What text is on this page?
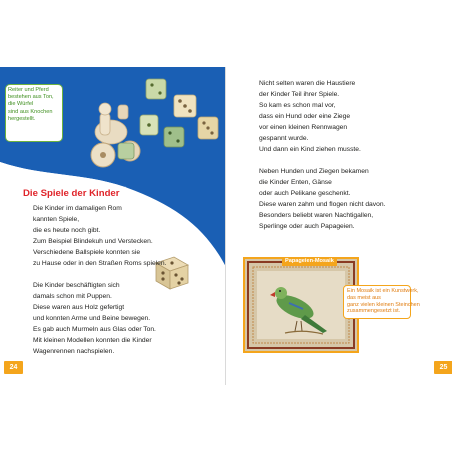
Reiter und Pferd
bestehen aus Ton,
die Würfel
sind aus Knochen
hergestellt.
Die Spiele der Kinder
Die Kinder im damaligen Rom
kannten Spiele,
die es heute noch gibt.
Zum Beispiel Blindekuh und Verstecken.
Verschiedene Ballspiele konnten sie
zu Hause oder in den Straßen Roms spielen.
Die Kinder beschäftigten sich
damals schon mit Puppen.
Diese waren aus Holz gefertigt
und konnten Arme und Beine bewegen.
Es gab auch Murmeln aus Glas oder Ton.
Mit kleinen Modellen konnten die Kinder
Wagenrennen nachspielen.
24
Nicht selten waren die Haustiere
der Kinder Teil ihrer Spiele.
So kam es schon mal vor,
dass ein Hund oder eine Ziege
vor einen kleinen Rennwagen
gespannt wurde.
Und dann ein Kind ziehen musste.
Neben Hunden und Ziegen bekamen
die Kinder Enten, Gänse
oder auch Pelikane geschenkt.
Diese waren zahm und flogen nicht davon.
Besonders beliebt waren Nachtigallen,
Sperlinge oder auch Papageien.
Papageien-Mosaik
Ein Mosaik ist ein Kunstwerk,
das meist aus
ganz vielen kleinen Steinchen
zusammengesetzt ist.
25
